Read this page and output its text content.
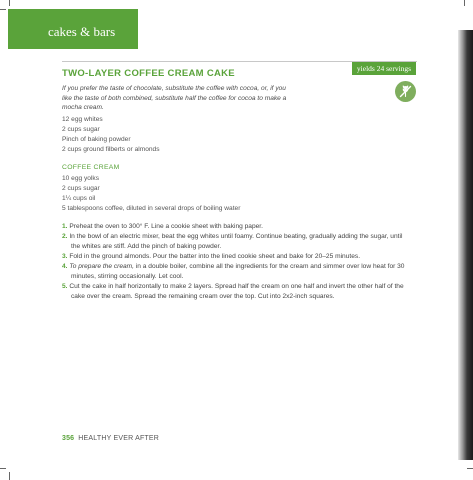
cakes & bars
yields 24 servings
TWO-LAYER COFFEE CREAM CAKE
If you prefer the taste of chocolate, substitute the coffee with cocoa, or, if you
like the taste of both combined, substitute half the coffee for cocoa to make a
mocha cream.
12 egg whites
2 cups sugar
Pinch of baking powder
2 cups ground filberts or almonds
COFFEE CREAM
10 egg yolks
2 cups sugar
1¼ cups oil
5 tablespoons coffee, diluted in several drops of boiling water
1. Preheat the oven to 300° F. Line a cookie sheet with baking paper.
2. In the bowl of an electric mixer, beat the egg whites until foamy. Continue beating, gradually adding the sugar, until
the whites are stiff. Add the pinch of baking powder.
3. Fold in the ground almonds. Pour the batter into the lined cookie sheet and bake for 20–25 minutes.
4. To prepare the cream, in a double boiler, combine all the ingredients for the cream and simmer over low heat for 30
minutes, stirring occasionally. Let cool.
5. Cut the cake in half horizontally to make 2 layers. Spread half the cream on one half and invert the other half of the
cake over the cream. Spread the remaining cream over the top. Cut into 2x2-inch squares.
356 HEALTHY EVER AFTER
